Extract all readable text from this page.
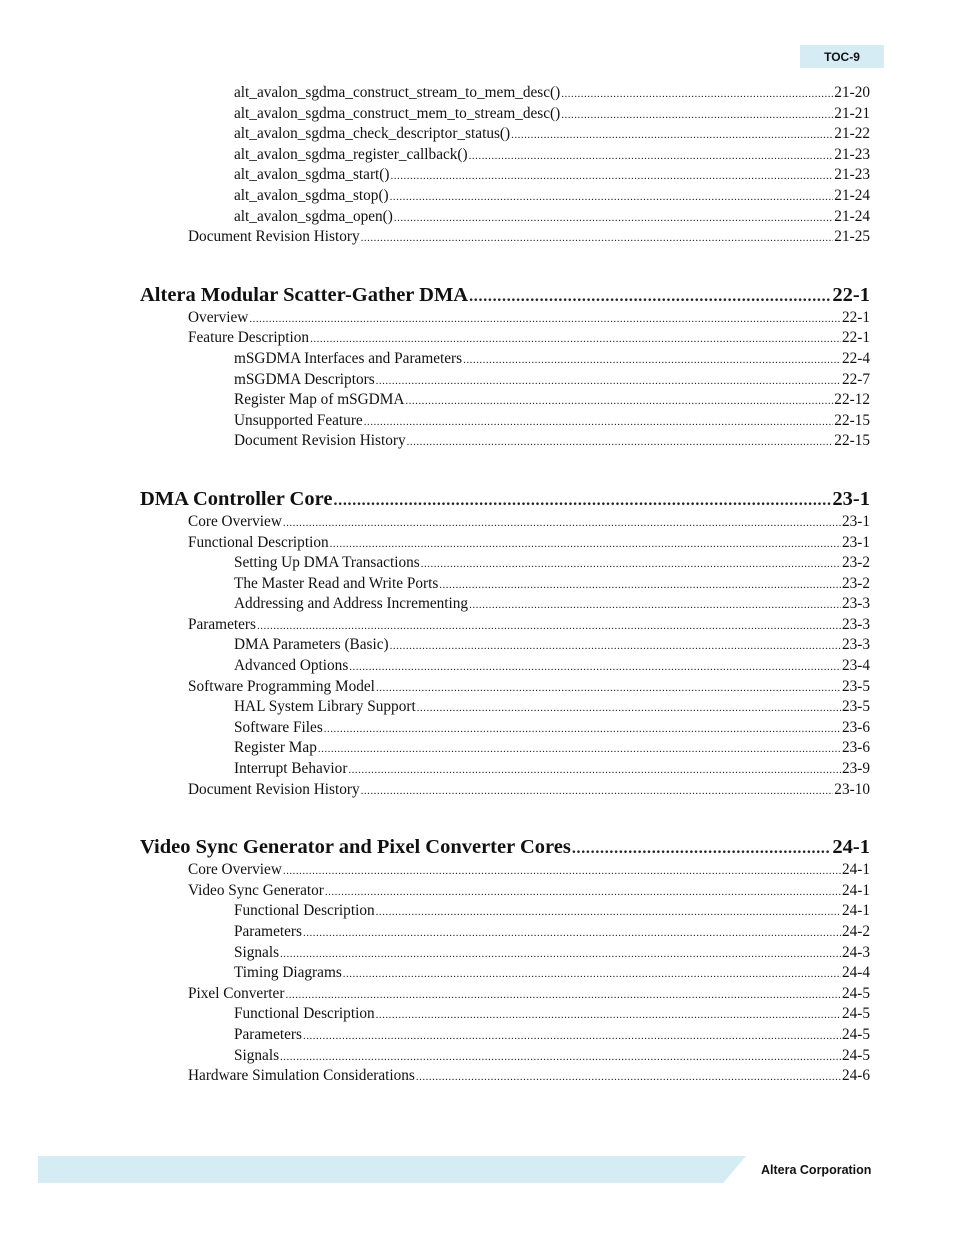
TOC-9
alt_avalon_sgdma_construct_stream_to_mem_desc() .....	21-20
alt_avalon_sgdma_construct_mem_to_stream_desc() .....	21-21
alt_avalon_sgdma_check_descriptor_status() .....	21-22
alt_avalon_sgdma_register_callback() .....	21-23
alt_avalon_sgdma_start() .....	21-23
alt_avalon_sgdma_stop() .....	21-24
alt_avalon_sgdma_open() .....	21-24
Document Revision History .....	21-25
Altera Modular Scatter-Gather DMA .....	22-1
Overview .....	22-1
Feature Description .....	22-1
mSGDMA Interfaces and Parameters .....	22-4
mSGDMA Descriptors .....	22-7
Register Map of mSGDMA .....	22-12
Unsupported Feature .....	22-15
Document Revision History .....	22-15
DMA Controller Core .....	23-1
Core Overview .....	23-1
Functional Description .....	23-1
Setting Up DMA Transactions .....	23-2
The Master Read and Write Ports .....	23-2
Addressing and Address Incrementing .....	23-3
Parameters .....	23-3
DMA Parameters (Basic) .....	23-3
Advanced Options .....	23-4
Software Programming Model .....	23-5
HAL System Library Support .....	23-5
Software Files .....	23-6
Register Map .....	23-6
Interrupt Behavior .....	23-9
Document Revision History .....	23-10
Video Sync Generator and Pixel Converter Cores .....	24-1
Core Overview .....	24-1
Video Sync Generator .....	24-1
Functional Description .....	24-1
Parameters .....	24-2
Signals .....	24-3
Timing Diagrams .....	24-4
Pixel Converter .....	24-5
Functional Description .....	24-5
Parameters .....	24-5
Signals .....	24-5
Hardware Simulation Considerations .....	24-6
Altera Corporation
